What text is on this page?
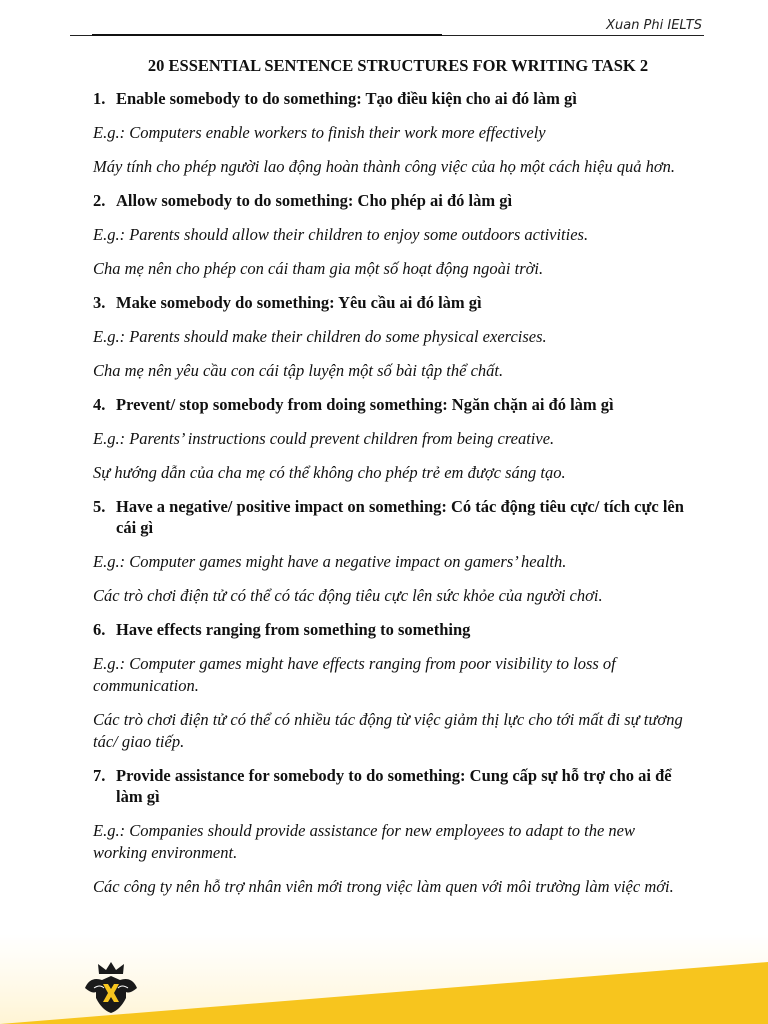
Xuan Phi IELTS
20 ESSENTIAL SENTENCE STRUCTURES FOR WRITING TASK 2

1. Enable somebody to do something: Tạo điều kiện cho ai đó làm gì

E.g.: Computers enable workers to finish their work more effectively

Máy tính cho phép người lao động hoàn thành công việc của họ một cách hiệu quả hơn.

2. Allow somebody to do something: Cho phép ai đó làm gì

E.g.: Parents should allow their children to enjoy some outdoors activities.

Cha mẹ nên cho phép con cái tham gia một số hoạt động ngoài trời.

3. Make somebody do something: Yêu cầu ai đó làm gì

E.g.: Parents should make their children do some physical exercises.

Cha mẹ nên yêu cầu con cái tập luyện một số bài tập thể chất.

4. Prevent/ stop somebody from doing something: Ngăn chặn ai đó làm gì

E.g.: Parents’ instructions could prevent children from being creative.

Sự hướng dẫn của cha mẹ có thể không cho phép trẻ em được sáng tạo.

5. Have a negative/ positive impact on something: Có tác động tiêu cực/ tích cực lên cái gì

E.g.: Computer games might have a negative impact on gamers’ health.

Các trò chơi điện tử có thể có tác động tiêu cực lên sức khỏe của người chơi.

6. Have effects ranging from something to something

E.g.: Computer games might have effects ranging from poor visibility to loss of communication.

Các trò chơi điện tử có thể có nhiều tác động từ việc giảm thị lực cho tới mất đi sự tương tác/ giao tiếp.

7. Provide assistance for somebody to do something: Cung cấp sự hỗ trợ cho ai để làm gì

E.g.: Companies should provide assistance for new employees to adapt to the new working environment.

Các công ty nên hỗ trợ nhân viên mới trong việc làm quen với môi trường làm việc mới.
